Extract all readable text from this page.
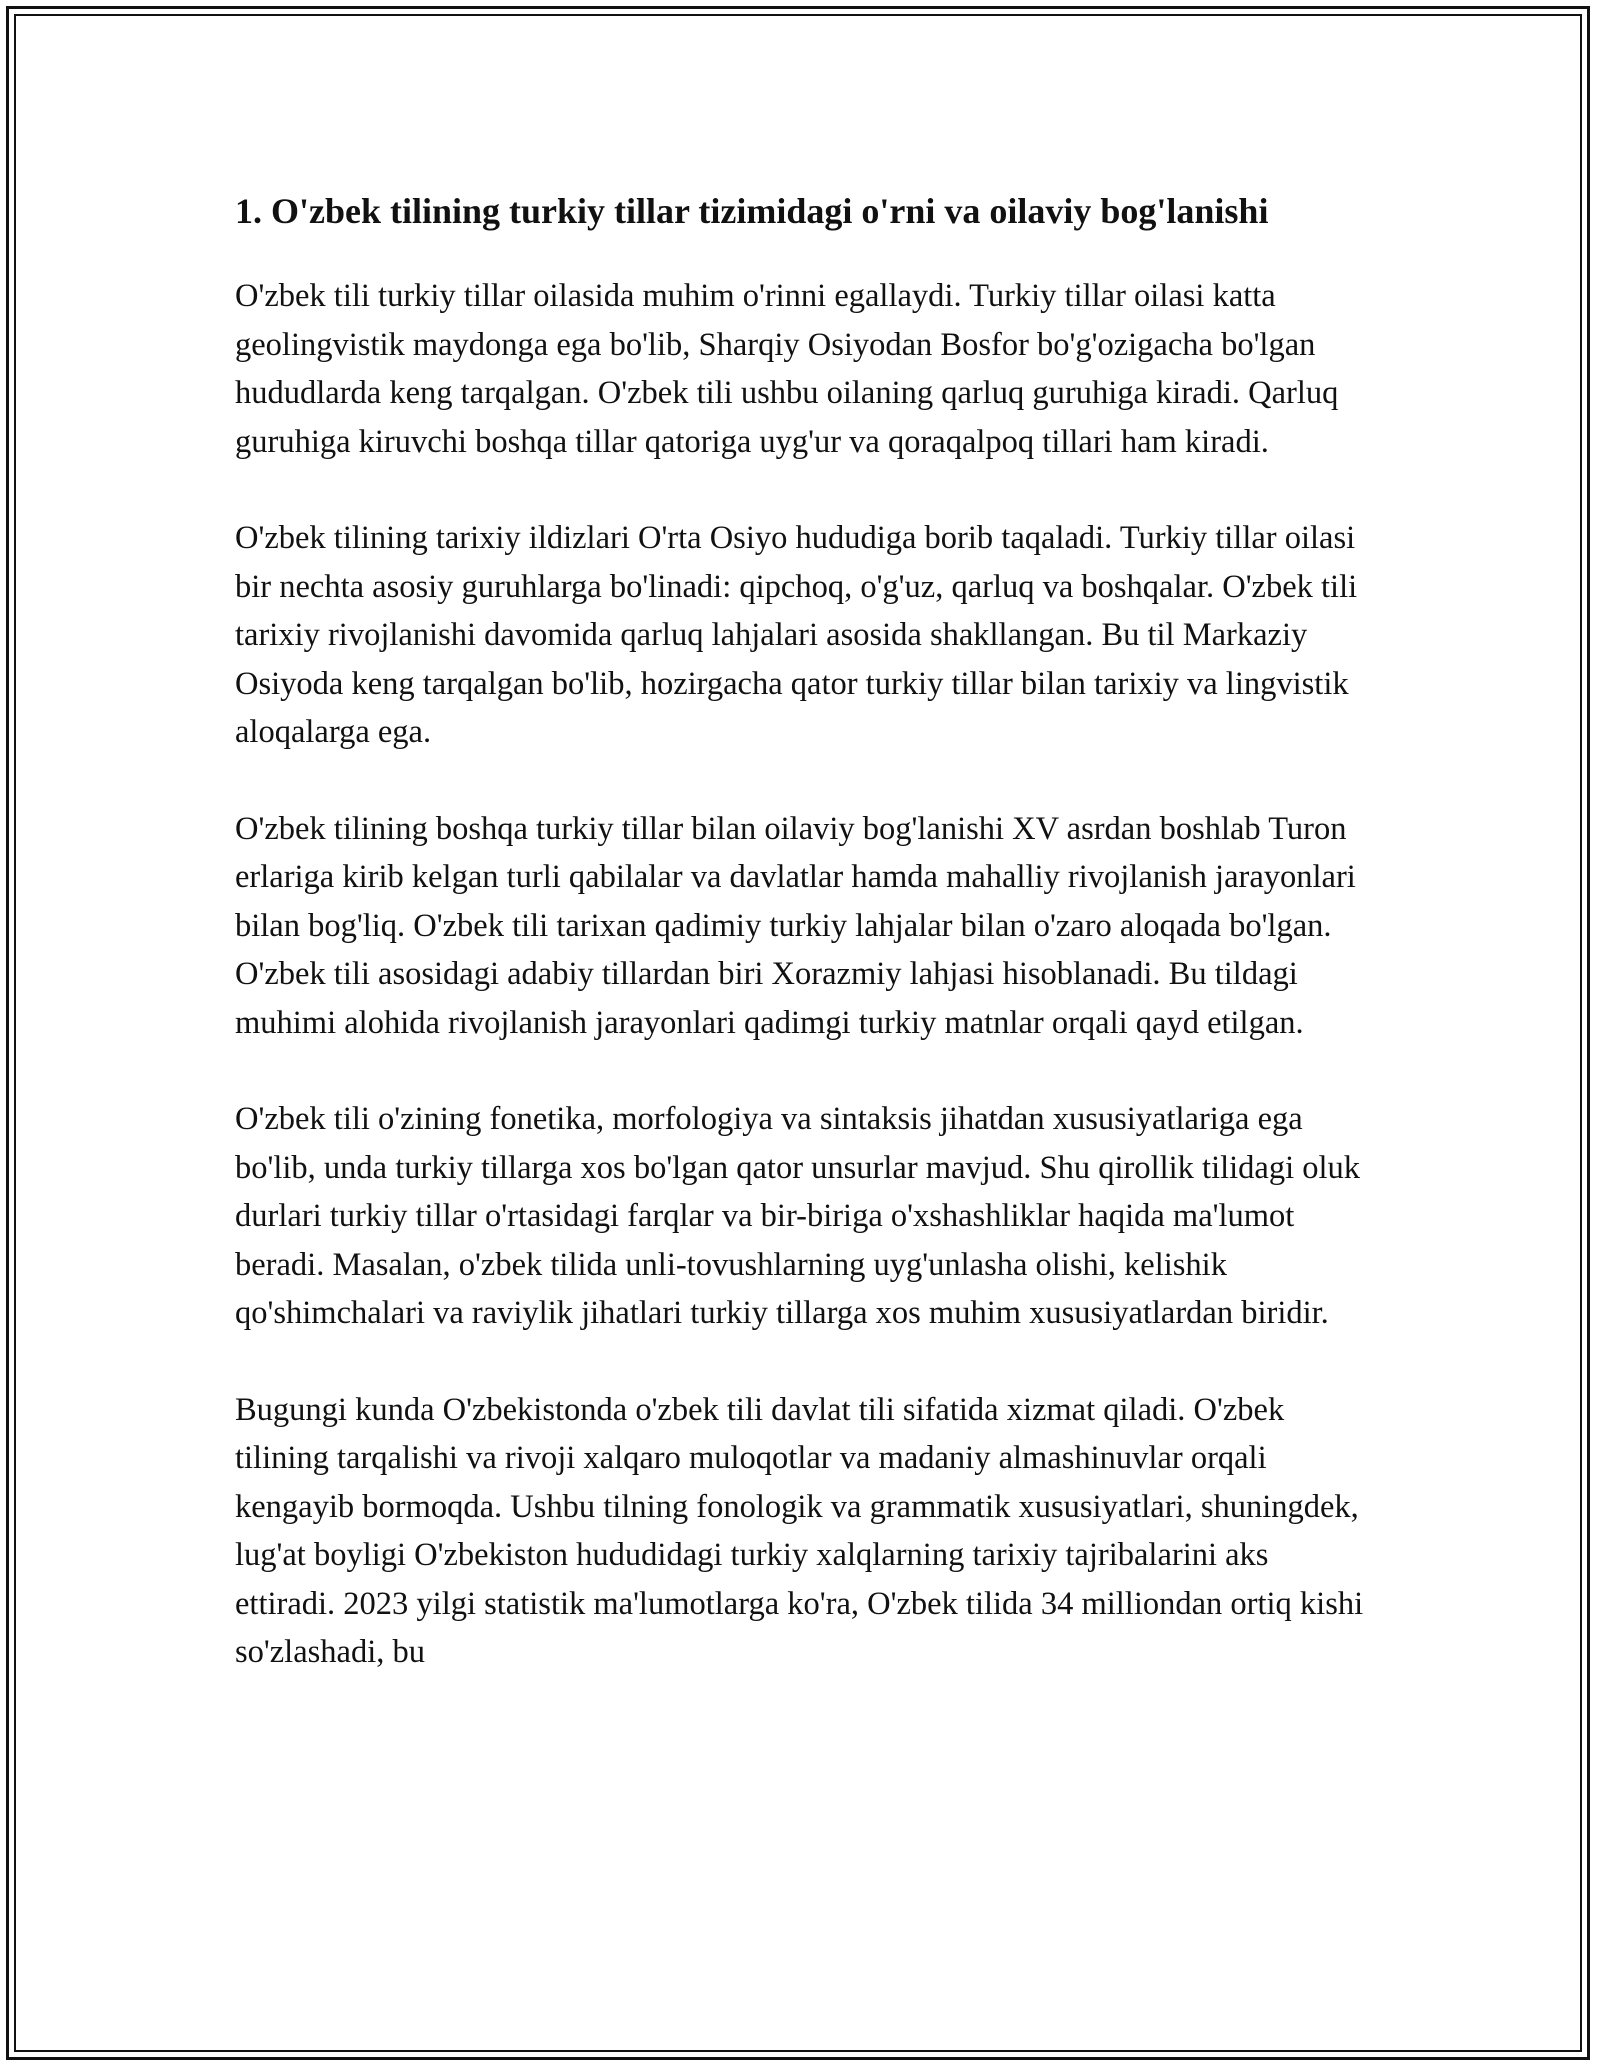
1. O'zbek tilining turkiy tillar tizimidagi o'rni va oilaviy bog'lanishi

O'zbek tili turkiy tillar oilasida muhim o'rinni egallaydi. Turkiy tillar oilasi katta geolingvistik maydonga ega bo'lib, Sharqiy Osiyodan Bosfor bo'g'ozigacha bo'lgan hududlarda keng tarqalgan. O'zbek tili ushbu oilaning qarluq guruhiga kiradi. Qarluq guruhiga kiruvchi boshqa tillar qatoriga uyg'ur va qoraqalpoq tillari ham kiradi.

O'zbek tilining tarixiy ildizlari O'rta Osiyo hududiga borib taqaladi. Turkiy tillar oilasi bir nechta asosiy guruhlarga bo'linadi: qipchoq, o'g'uz, qarluq va boshqalar. O'zbek tili tarixiy rivojlanishi davomida qarluq lahjalari asosida shakllangan. Bu til Markaziy Osiyoda keng tarqalgan bo'lib, hozirgacha qator turkiy tillar bilan tarixiy va lingvistik aloqalarga ega.

O'zbek tilining boshqa turkiy tillar bilan oilaviy bog'lanishi XV asrdan boshlab Turon erlariga kirib kelgan turli qabilalar va davlatlar hamda mahalliy rivojlanish jarayonlari bilan bog'liq. O'zbek tili tarixan qadimiy turkiy lahjalar bilan o'zaro aloqada bo'lgan. O'zbek tili asosidagi adabiy tillardan biri Xorazmiy lahjasi hisoblanadi. Bu tildagi muhimi alohida rivojlanish jarayonlari qadimgi turkiy matnlar orqali qayd etilgan.

O'zbek tili o'zining fonetika, morfologiya va sintaksis jihatdan xususiyatlariga ega bo'lib, unda turkiy tillarga xos bo'lgan qator unsurlar mavjud. Shu qirollik tilidagi oluk durlari turkiy tillar o'rtasidagi farqlar va bir-biriga o'xshashliklar haqida ma'lumot beradi. Masalan, o'zbek tilida unli-tovushlarning uyg'unlasha olishi, kelishik qo'shimchalari va raviylik jihatlari turkiy tillarga xos muhim xususiyatlardan biridir.

Bugungi kunda O'zbekistonda o'zbek tili davlat tili sifatida xizmat qiladi. O'zbek tilining tarqalishi va rivoji xalqaro muloqotlar va madaniy almashinuvlar orqali kengayib bormoqda. Ushbu tilning fonologik va grammatik xususiyatlari, shuningdek, lug'at boyligi O'zbekiston hududidagi turkiy xalqlarning tarixiy tajribalarini aks ettiradi. 2023 yilgi statistik ma'lumotlarga ko'ra, O'zbek tilida 34 milliondan ortiq kishi so'zlashadi, bu
